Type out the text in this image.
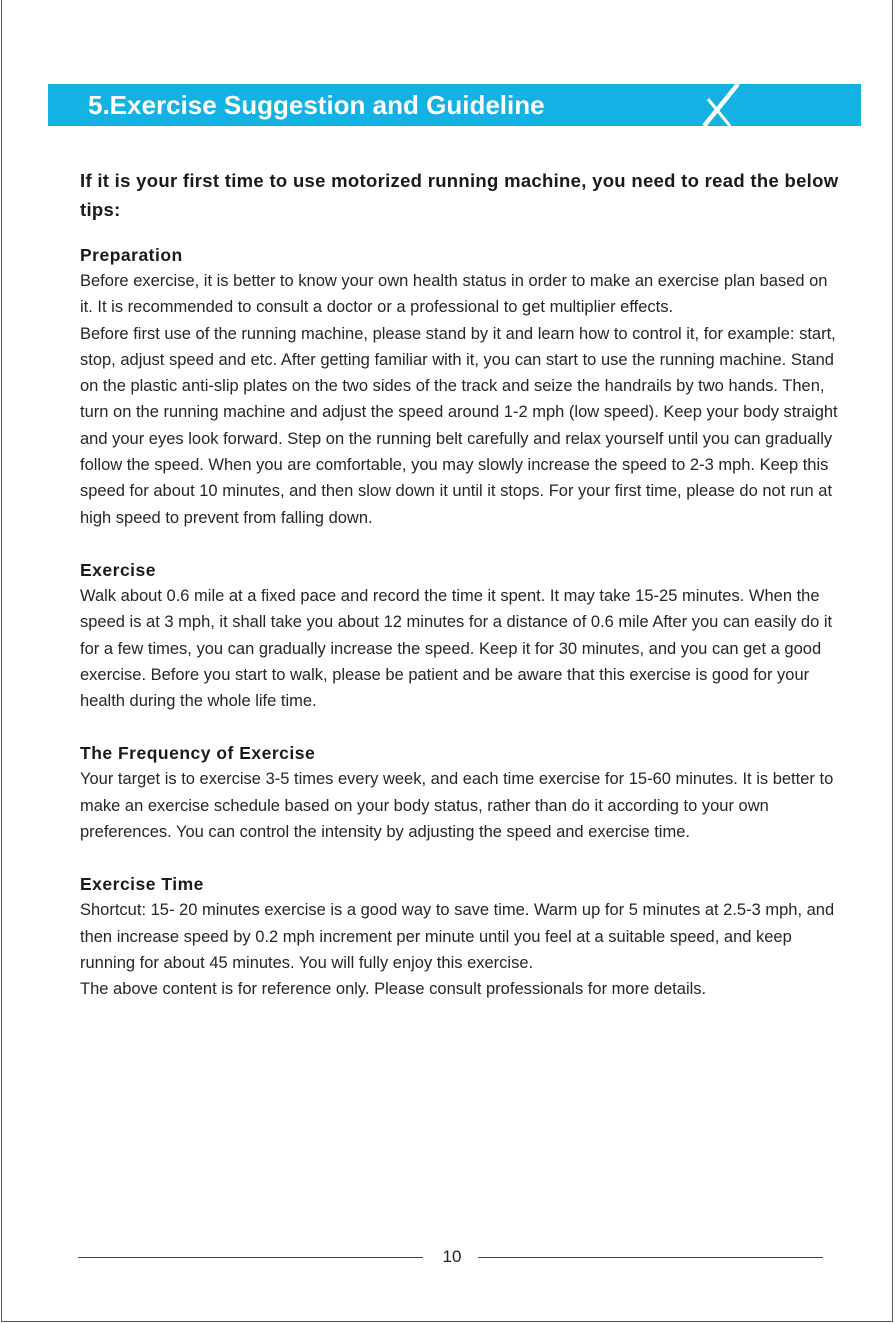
5.Exercise Suggestion and Guideline

If it is your first time to use motorized running machine, you need to read the below tips:

Preparation

Before exercise, it is better to know your own health status in order to make an exercise plan based on it. It is recommended to consult a doctor or a professional to get multiplier effects.

Before first use of the running machine, please stand by it and learn how to control it, for example: start, stop, adjust speed and etc. After getting familiar with it, you can start to use the running machine. Stand on the plastic anti-slip plates on the two sides of the track and seize the handrails by two hands. Then, turn on the running machine and adjust the speed around 1-2 mph (low speed). Keep your body straight and your eyes look forward. Step on the running belt carefully and relax yourself until you can gradually follow the speed. When you are comfortable, you may slowly increase the speed to 2-3 mph. Keep this speed for about 10 minutes, and then slow down it until it stops. For your first time, please do not run at high speed to prevent from falling down.

Exercise

Walk about 0.6 mile at a fixed pace and record the time it spent. It may take 15-25 minutes. When the speed is at 3 mph, it shall take you about 12 minutes for a distance of 0.6 mile After you can easily do it for a few times, you can gradually increase the speed. Keep it for 30 minutes, and you can get a good exercise. Before you start to walk, please be patient and be aware that this exercise is good for your health during the whole life time.

The Frequency of Exercise

Your target is to exercise 3-5 times every week, and each time exercise for 15-60 minutes. It is better to make an exercise schedule based on your body status, rather than do it according to your own preferences. You can control the intensity by adjusting the speed and exercise time.

Exercise Time

Shortcut: 15- 20 minutes exercise is a good way to save time. Warm up for 5 minutes at 2.5-3 mph, and then increase speed by 0.2 mph increment per minute until you feel at a suitable speed, and keep running for about 45 minutes. You will fully enjoy this exercise.

The above content is for reference only. Please consult professionals for more details.

10
